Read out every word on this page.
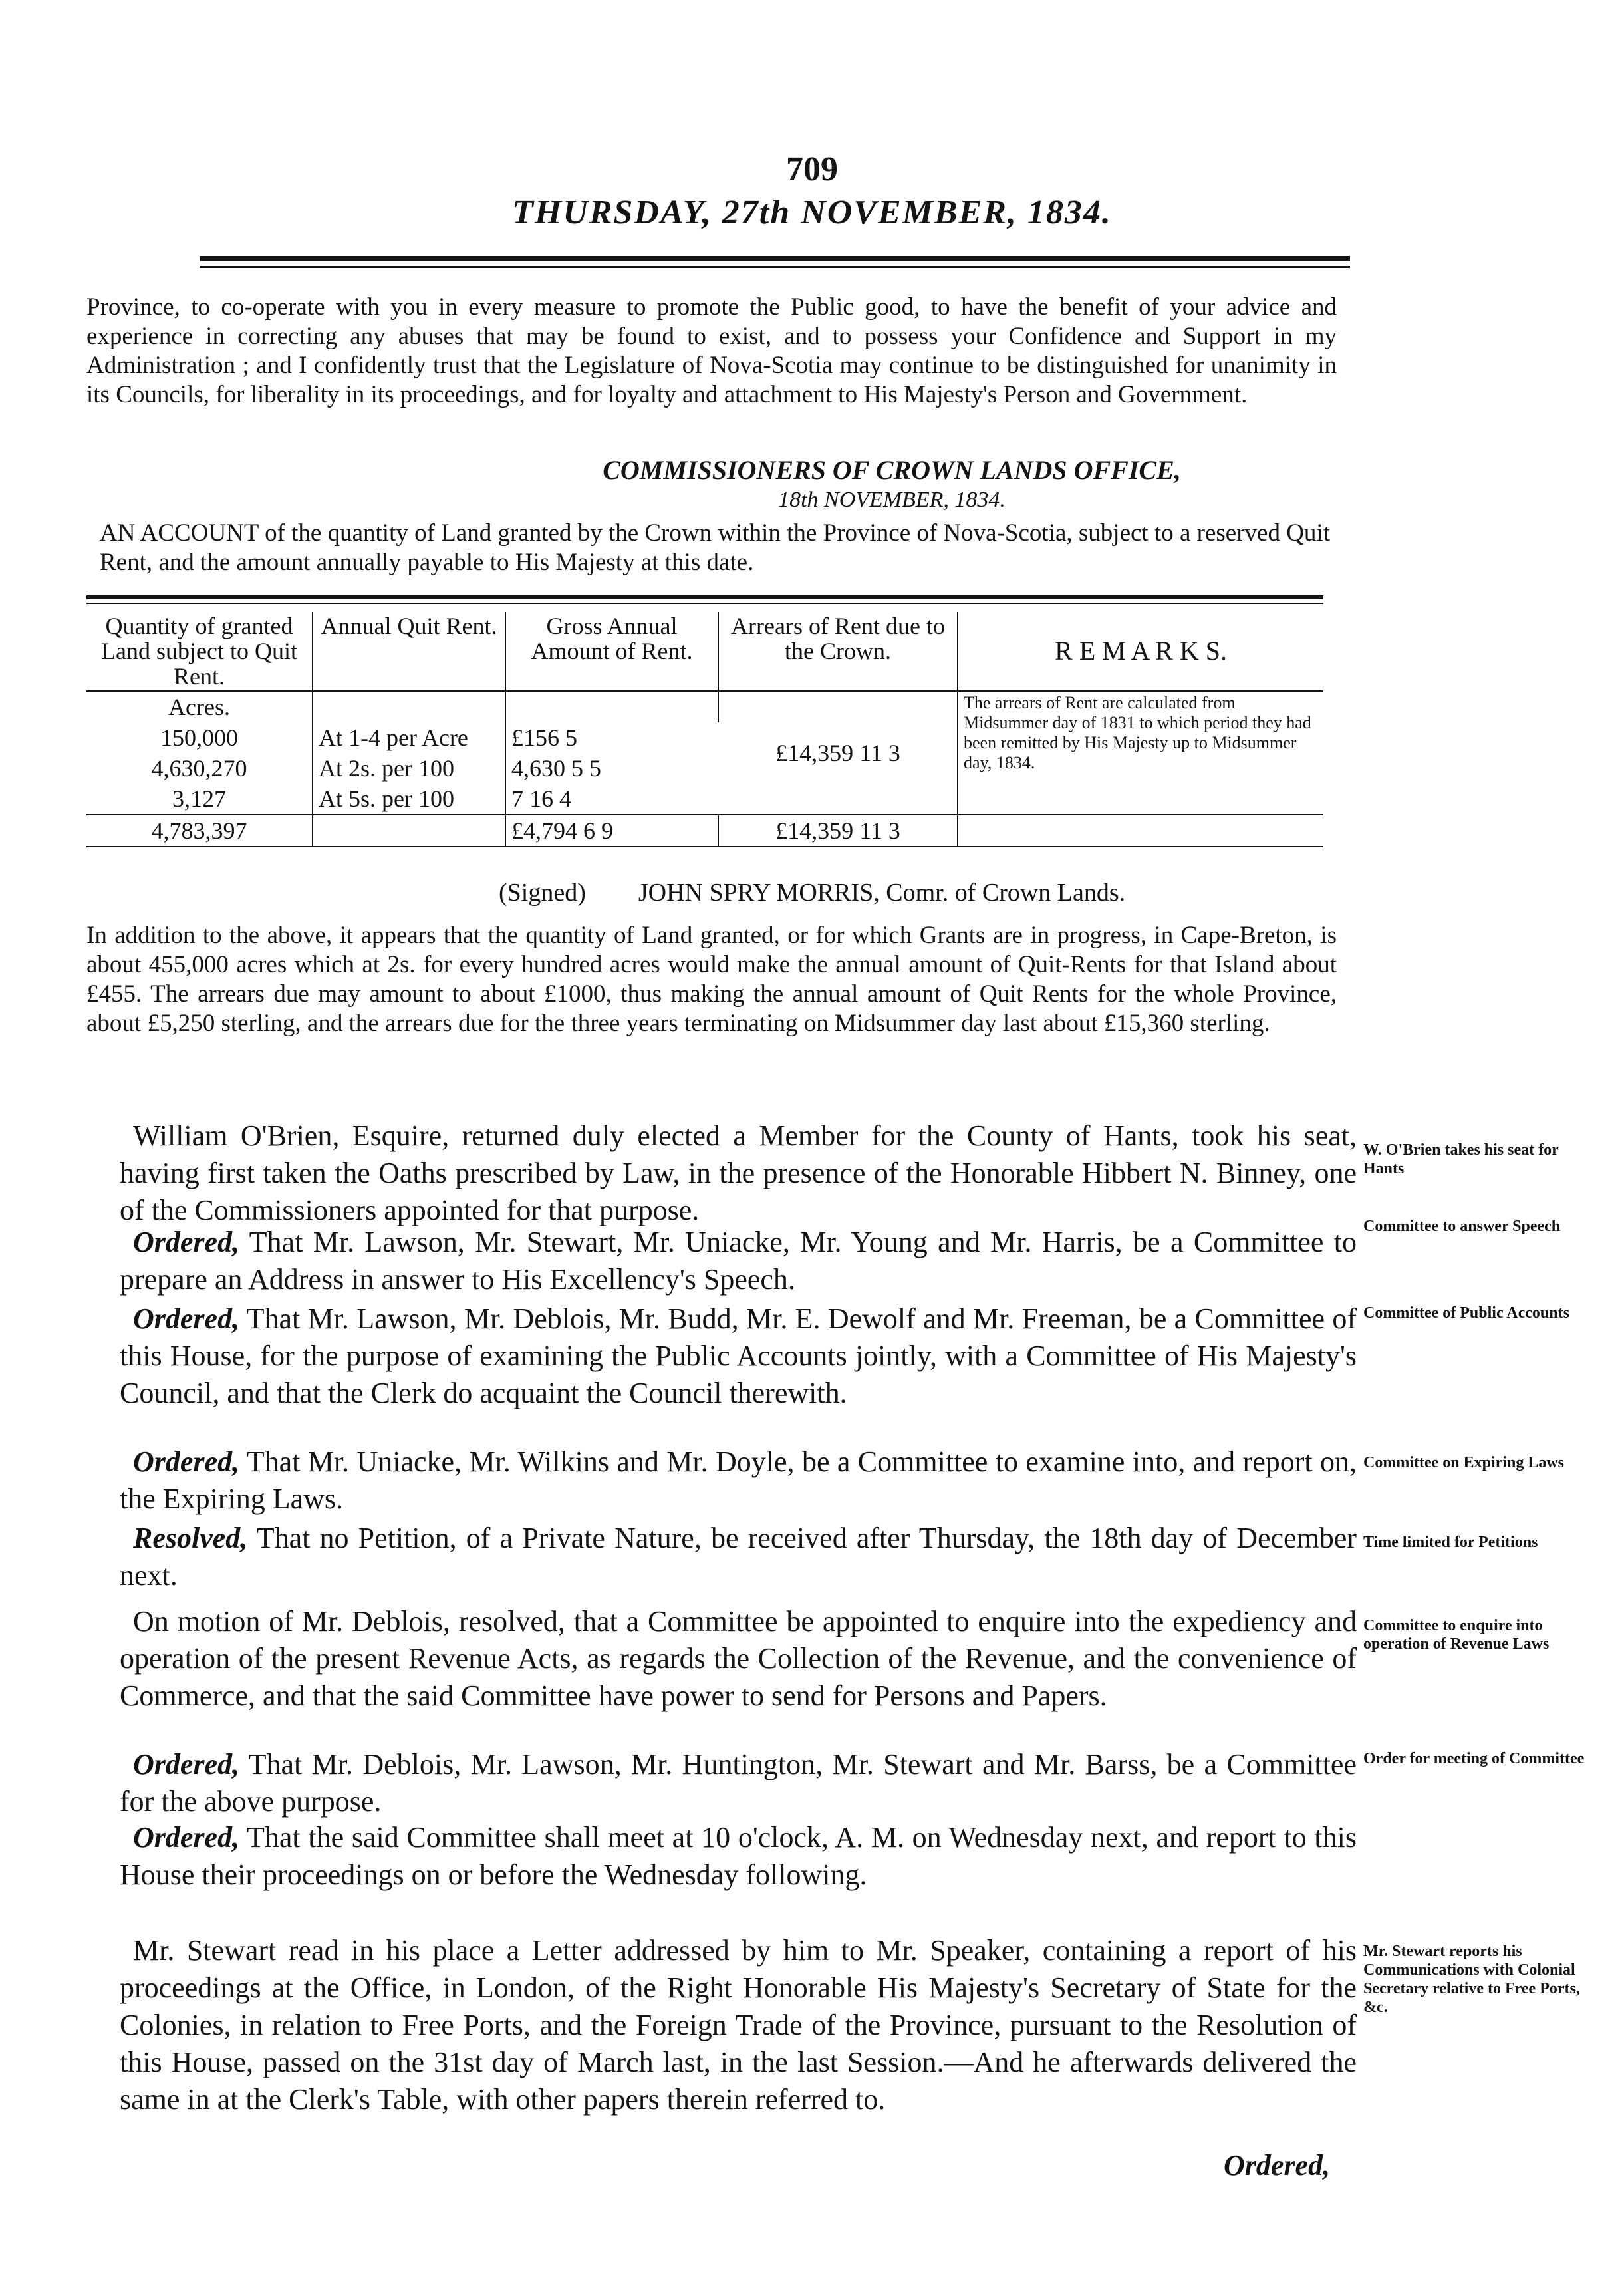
709
THURSDAY, 27th NOVEMBER, 1834.
Province, to co-operate with you in every measure to promote the Public good, to have the benefit of your advice and experience in correcting any abuses that may be found to exist, and to possess your Confidence and Support in my Administration ; and I confidently trust that the Legislature of Nova-Scotia may continue to be distinguished for unanimity in its Councils, for liberality in its proceedings, and for loyalty and attachment to His Majesty's Person and Government.
COMMISSIONERS OF CROWN LANDS OFFICE,
18th NOVEMBER, 1834.
AN ACCOUNT of the quantity of Land granted by the Crown within the Province of Nova-Scotia, subject to a reserved Quit Rent, and the amount annually payable to His Majesty at this date.
Quantity of granted Land subject to Quit Rent.	Annual Quit Rent.	Gross Annual Amount of Rent.	Arrears of Rent due to the Crown.	R E M A R K S.
Acres.			£14,359 11 3	The arrears of Rent are calculated from Midsummer day of 1831 to which period they had been remitted by His Majesty up to Midsummer day, 1834.
150,000	At 1-4 per Acre	£156 5		
4,630,270	At 2s. per 100	4,630 5 5		
3,127	At 5s. per 100	7 16 4		
4,783,397		£4,794 6 9	£14,359 11 3	
(Signed) JOHN SPRY MORRIS, Comr. of Crown Lands.
In addition to the above, it appears that the quantity of Land granted, or for which Grants are in progress, in Cape-Breton, is about 455,000 acres which at 2s. for every hundred acres would make the annual amount of Quit-Rents for that Island about £455. The arrears due may amount to about £1000, thus making the annual amount of Quit Rents for the whole Province, about £5,250 sterling, and the arrears due for the three years terminating on Midsummer day last about £15,360 sterling.
William O'Brien, Esquire, returned duly elected a Member for the County of Hants, took his seat, having first taken the Oaths prescribed by Law, in the presence of the Honorable Hibbert N. Binney, one of the Commissioners appointed for that purpose.
Ordered, That Mr. Lawson, Mr. Stewart, Mr. Uniacke, Mr. Young and Mr. Harris, be a Committee to prepare an Address in answer to His Excellency's Speech.
Ordered, That Mr. Lawson, Mr. Deblois, Mr. Budd, Mr. E. Dewolf and Mr. Freeman, be a Committee of this House, for the purpose of examining the Public Accounts jointly, with a Committee of His Majesty's Council, and that the Clerk do acquaint the Council therewith.
Ordered, That Mr. Uniacke, Mr. Wilkins and Mr. Doyle, be a Committee to examine into, and report on, the Expiring Laws.
Resolved, That no Petition, of a Private Nature, be received after Thursday, the 18th day of December next.
On motion of Mr. Deblois, resolved, that a Committee be appointed to enquire into the expediency and operation of the present Revenue Acts, as regards the Collection of the Revenue, and the convenience of Commerce, and that the said Committee have power to send for Persons and Papers.
Ordered, That Mr. Deblois, Mr. Lawson, Mr. Huntington, Mr. Stewart and Mr. Barss, be a Committee for the above purpose.
Ordered, That the said Committee shall meet at 10 o'clock, A. M. on Wednesday next, and report to this House their proceedings on or before the Wednesday following.
Mr. Stewart read in his place a Letter addressed by him to Mr. Speaker, containing a report of his proceedings at the Office, in London, of the Right Honorable His Majesty's Secretary of State for the Colonies, in relation to Free Ports, and the Foreign Trade of the Province, pursuant to the Resolution of this House, passed on the 31st day of March last, in the last Session.—And he afterwards delivered the same in at the Clerk's Table, with other papers therein referred to.
W. O'Brien takes his seat for Hants
Committee to answer Speech
Committee of Public Accounts
Committee on Expiring Laws
Time limited for Petitions
Committee to enquire into operation of Revenue Laws
Order for meeting of Committee
Mr. Stewart reports his Communications with Colonial Secretary relative to Free Ports, &c.
Ordered,
